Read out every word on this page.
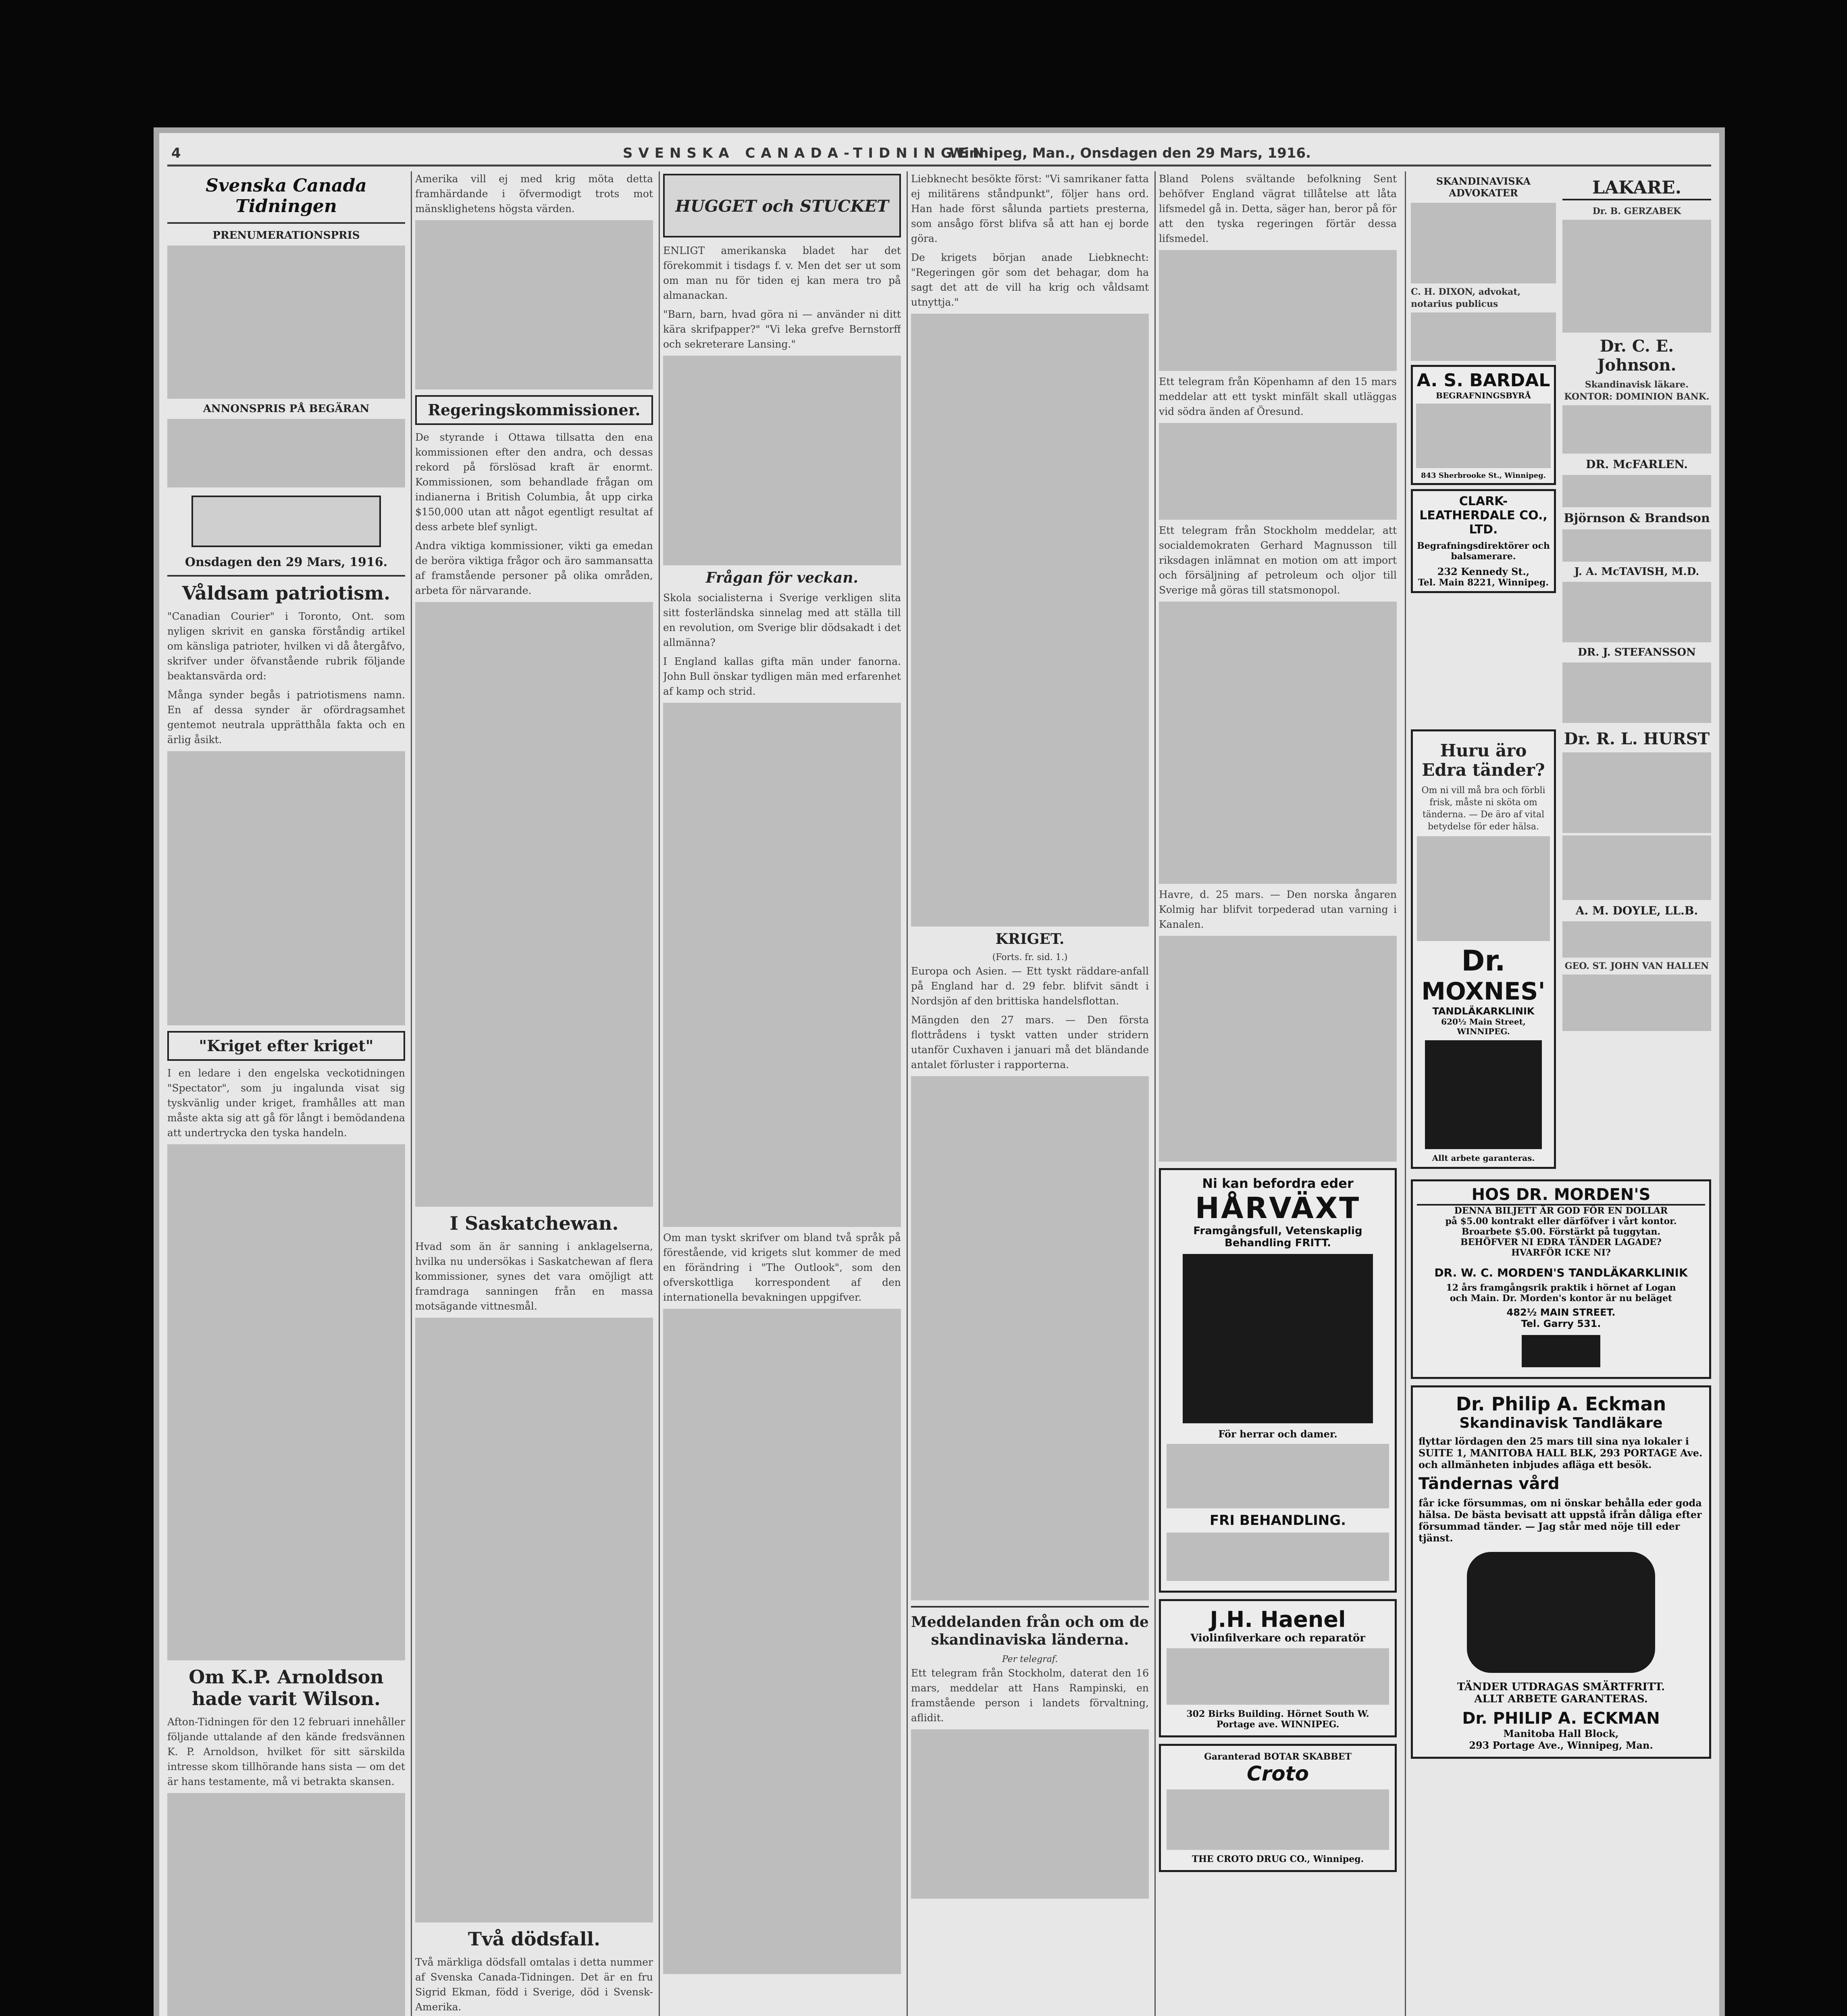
4	SVENSKA CANADA-TIDNINGEN
Winnipeg, Man., Onsdagen den 29 Mars, 1916.
Svenska Canada Tidningen
PRENUMERATIONSPRIS
ANNONSPRIS PÅ BEGÄRAN
Onsdagen den 29 Mars, 1916.
Våldsam patriotism.

"Canadian Courier" i Toronto, Ont. som nyligen skrivit en ganska förståndig artikel om känsliga patrioter, hvilken vi då återgåfvo, skrifver under öfvanstående rubrik följande beaktansvärda ord:

Många synder begås i patriotismens namn. En af dessa synder är ofördragsamhet gentemot neutrala upprätthåla fakta och en ärlig åsikt.

"Kriget efter kriget"

I en ledare i den engelska veckotidningen "Spectator", som ju ingalunda visat sig tyskvänlig under kriget, framhålles att man måste akta sig att gå för långt i bemödandena att undertrycka den tyska handeln.

Om K.P. Arnoldson hade varit Wilson.

Afton-Tidningen för den 12 februari innehåller följande uttalande af den kände fredsvännen K. P. Arnoldson, hvilket för sitt särskilda intresse skom tillhörande hans sista — om det är hans testamente, må vi betrakta skansen.

Amerika vill ej med krig möta detta framhärdande i öfvermodigt trots mot mänsklighetens högsta värden.

Regeringskommissioner.

De styrande i Ottawa tillsatta den ena kommissionen efter den andra, och dessas rekord på förslösad kraft är enormt. Kommissionen, som behandlade frågan om indianerna i British Columbia, åt upp cirka $150,000 utan att något egentligt resultat af dess arbete blef synligt.

Andra viktiga kommissioner, vikti ga emedan de beröra viktiga frågor och äro sammansatta af framstående personer på olika områden, arbeta för närvarande.

I Saskatchewan.

Hvad som än är sanning i anklagelserna, hvilka nu undersökas i Saskatchewan af flera kommissioner, synes det vara omöjligt att framdraga sanningen från en massa motsägande vittnesmål.

Två dödsfall.

Två märkliga dödsfall omtalas i detta nummer af Svenska Canada-Tidningen. Det är en fru Sigrid Ekman, född i Sverige, död i Svensk-Amerika.

HUGGET och STUCKET

ENLIGT amerikanska bladet har det förekommit i tisdags f. v. Men det ser ut som om man nu för tiden ej kan mera tro på almanackan.

"Barn, barn, hvad göra ni — använder ni ditt kära skrifpapper?" "Vi leka grefve Bernstorff och sekreterare Lansing."

Frågan för veckan.

Skola socialisterna i Sverige verkligen slita sitt fosterländska sinnelag med att ställa till en revolution, om Sverige blir dödsakadt i det allmänna?

I England kallas gifta män under fanorna. John Bull önskar tydligen män med erfarenhet af kamp och strid.

Om man tyskt skrifver om bland två språk på förestående, vid krigets slut kommer de med en förändring i "The Outlook", som den ofverskottliga korrespondent af den internationella bevakningen uppgifver.

Liebknecht besökte först: "Vi samrikaner fatta ej militärens ståndpunkt", följer hans ord. Han hade först sålunda partiets presterna, som ansågo först blifva så att han ej borde göra.

De krigets början anade Liebknecht: "Regeringen gör som det behagar, dom ha sagt det att de vill ha krig och våldsamt utnyttja."

KRIGET.
(Forts. fr. sid. 1.)

Europa och Asien. — Ett tyskt räddare-anfall på England har d. 29 febr. blifvit sändt i Nordsjön af den brittiska handelsflottan.

Mängden den 27 mars. — Den första flottrådens i tyskt vatten under stridern utanför Cuxhaven i januari må det bländande antalet förluster i rapporterna.

Meddelanden från och om de skandinaviska länderna.
Per telegraf.

Ett telegram från Stockholm, daterat den 16 mars, meddelar att Hans Rampinski, en framstående person i landets förvaltning, aflidit.

Bland Polens svältande befolkning Sent behöfver England vägrat tillåtelse att låta lifsmedel gå in. Detta, säger han, beror på för att den tyska regeringen förtär dessa lifsmedel.

Ett telegram från Köpenhamn af den 15 mars meddelar att ett tyskt minfält skall utläggas vid södra änden af Öresund.

Ett telegram från Stockholm meddelar, att socialdemokraten Gerhard Magnusson till riksdagen inlämnat en motion om att import och försäljning af petroleum och oljor till Sverige må göras till statsmonopol.

Havre, d. 25 mars. — Den norska ångaren Kolmig har blifvit torpederad utan varning i Kanalen.

Ni kan befordra eder
HÅRVÄXT
Framgångsfull, Vetenskaplig Behandling FRITT.
För herrar och damer.
FRI BEHANDLING.
J.H. Haenel
Violinfilverkare och reparatör
302 Birks Building. Hörnet South W. Portage ave. WINNIPEG.
Garanterad BOTAR SKABBET
Croto
THE CROTO DRUG CO., Winnipeg.
SKANDINAVISKA ADVOKATER
C. H. DIXON, advokat, notarius publicus
A. S. BARDAL
BEGRAFNINGSBYRÅ
843 Sherbrooke St., Winnipeg.
CLARK-LEATHERDALE CO., LTD.
Begrafningsdirektörer och balsamerare.
232 Kennedy St.,
Tel. Main 8221, Winnipeg.
LAKARE.
Dr. B. GERZABEK
Dr. C. E. Johnson.
Skandinavisk läkare.
KONTOR: DOMINION BANK.
DR. McFARLEN.
Björnson & Brandson
J. A. McTAVISH, M.D.
DR. J. STEFANSSON
Huru äro Edra tänder?
Om ni vill må bra och förbli frisk, måste ni sköta om tänderna. — De äro af vital betydelse för eder hälsa.
Dr.
MOXNES'
TANDLÄKARKLINIK
620½ Main Street, WINNIPEG.
Allt arbete garanteras.
Dr. R. L. HURST
A. M. DOYLE, LL.B.
GEO. ST. JOHN VAN HALLEN
HOS DR. MORDEN'S
DENNA BILJETT ÄR GOD FÖR EN DOLLAR
på $5.00 kontrakt eller därföfver i vårt kontor.
Broarbete $5.00. Förstärkt på tuggytan.
BEHÖFVER NI EDRA TÄNDER LAGADE?
HVARFÖR ICKE NI?
DR. W. C. MORDEN'S TANDLÄKARKLINIK
12 års framgångsrik praktik i hörnet af Logan och Main. Dr. Morden's kontor är nu beläget
482½ MAIN STREET.
Tel. Garry 531.
Dr. Philip A. Eckman
Skandinavisk Tandläkare
flyttar lördagen den 25 mars till sina nya lokaler i SUITE 1, MANITOBA HALL BLK, 293 PORTAGE Ave. och allmänheten inbjudes afläga ett besök.
Tändernas vård
får icke försummas, om ni önskar behålla eder goda hälsa. De bästa bevisatt att uppstå ifrån dåliga efter försummad tänder. — Jag står med nöje till eder tjänst.
TÄNDER UTDRAGAS SMÄRTFRITT.
ALLT ARBETE GARANTERAS.
Dr. PHILIP A. ECKMAN
Manitoba Hall Block,
293 Portage Ave., Winnipeg, Man.
